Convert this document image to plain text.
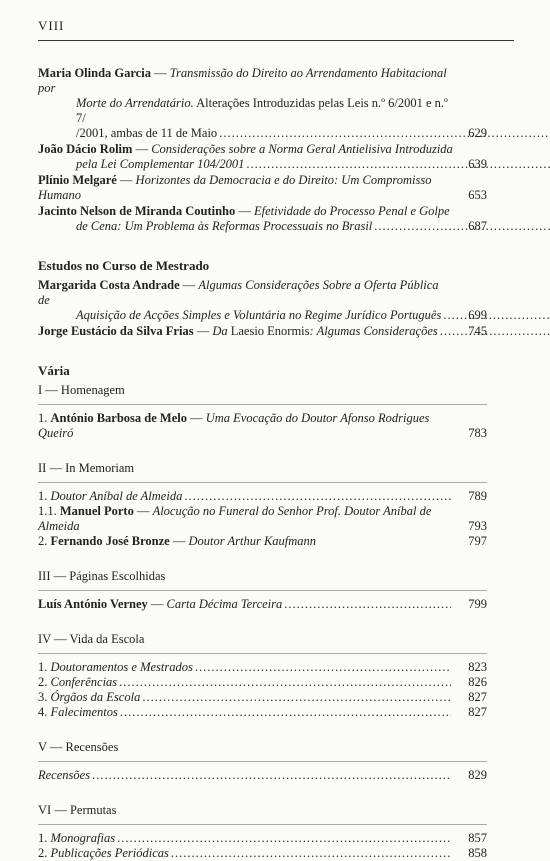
VIII
Maria Olinda Garcia — Transmissão do Direito ao Arrendamento Habitacional por
Morte do Arrendatário. Alterações Introduzidas pelas Leis n.º 6/2001 e n.º 7/
/2001, ambas de 11 de Maio .....	629
João Dácio Rolim — Considerações sobre a Norma Geral Antielisiva Introduzida
pela Lei Complementar 104/2001 .....	639
Plínio Melgaré — Horizontes da Democracia e do Direito: Um Compromisso Humano	653
Jacinto Nelson de Miranda Coutinho — Efetividade do Processo Penal e Golpe
de Cena: Um Problema às Reformas Processuais no Brasil .....	687
Estudos no Curso de Mestrado
Margarida Costa Andrade — Algumas Considerações Sobre a Oferta Pública de
Aquisição de Acções Simples e Voluntária no Regime Jurídico Português .....	699
Jorge Eustácio da Silva Frias — Da Laesio Enormis: Algumas Considerações .....	745
Vária
I — Homenagem
1. António Barbosa de Melo — Uma Evocação do Doutor Afonso Rodrigues Queiró	783
II — In Memoriam
1. Doutor Aníbal de Almeida .....	789
1.1. Manuel Porto — Alocução no Funeral do Senhor Prof. Doutor Aníbal de Almeida	793
2. Fernando José Bronze — Doutor Arthur Kaufmann	797
III — Páginas Escolhidas
Luís António Verney — Carta Décima Terceira .....	799
IV — Vida da Escola
1. Doutoramentos e Mestrados .....	823
2. Conferências .....	826
3. Órgãos da Escola .....	827
4. Falecimentos .....	827
V — Recensões
Recensões .....	829
VI — Permutas
1. Monografias .....	857
2. Publicações Periódicas .....	858
